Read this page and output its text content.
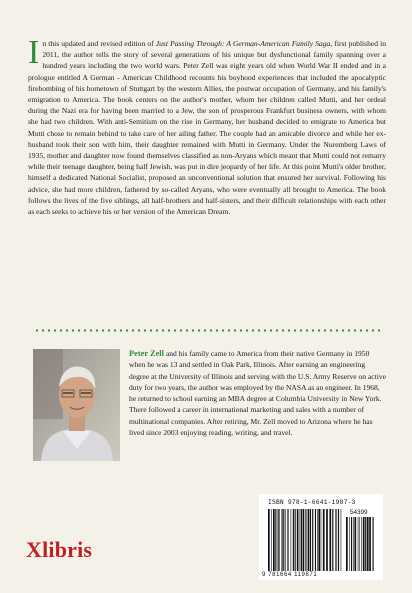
In this updated and revised edition of Just Passing Through: A German-American Family Saga, first published in 2011, the author tells the story of several generations of his unique but dysfunctional family spanning over a hundred years including the two world wars. Peter Zell was eight years old when World War II ended and in a prologue entitled A German - American Childhood recounts his boyhood experiences that included the apocalyptic firebombing of his hometown of Stuttgart by the western Allies, the postwar occupation of Germany, and his family's emigration to America. The book centers on the author's mother, whom her children called Mutti, and her ordeal during the Nazi era for having been married to a Jew, the son of prosperous Frankfurt business owners, with whom she had two children. With anti-Semitism on the rise in Germany, her husband decided to emigrate to America but Mutti chose to remain behind to take care of her ailing father. The couple had an amicable divorce and while her ex-husband took their son with him, their daughter remained with Mutti in Germany. Under the Nuremberg Laws of 1935, mother and daughter now found themselves classified as non-Aryans which meant that Mutti could not remarry while their teenage daughter, being half Jewish, was put in dire jeopardy of her life. At this point Mutti's older brother, himself a dedicated National Socialist, proposed an unconventional solution that ensured her survival. Following his advice, she had more children, fathered by so-called Aryans, who were eventually all brought to America. The book follows the lives of the five siblings, all half-brothers and half-sisters, and their difficult relationships with each other as each seeks to achieve his or her version of the American Dream.

Peter Zell and his family came to America from their native Germany in 1950 when he was 13 and settled in Oak Park, Illinois. After earning an engineering degree at the University of Illinois and serving with the U.S. Army Reserve on active duty for two years, the author was employed by the NASA as an engineer. In 1968, he returned to school earning an MBA degree at Columbia University in New York. There followed a career in international marketing and sales with a number of multinational companies. After retiring, Mr. Zell moved to Arizona where he has lived since 2003 enjoying reading, writing, and travel.

Xlibris
ISBN 978-1-6641-1987-3
54399
9 781664 119871
